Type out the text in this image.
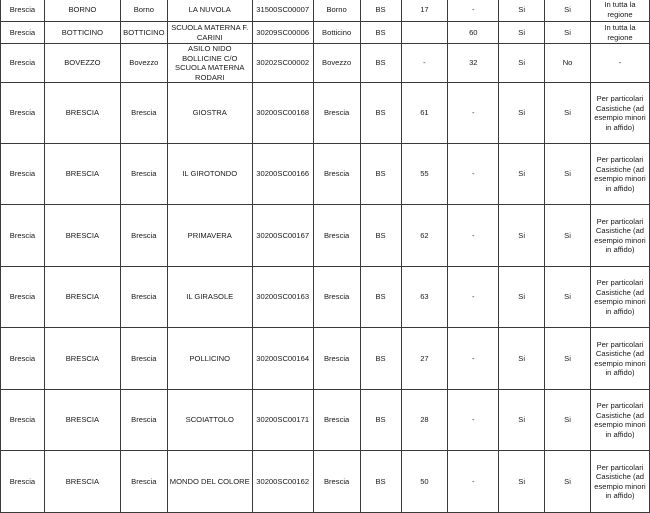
Brescia	BORNO	Borno	LA NUVOLA	31500SC00007	Borno	BS	17	-	Si	Si	In tutta la regione
Brescia	BOTTICINO	BOTTICINO	SCUOLA MATERNA F. CARINI	30209SC00006	Botticino	BS		60	Si	Si	In tutta la regione
Brescia	BOVEZZO	Bovezzo	ASILO NIDO BOLLICINE C/O SCUOLA MATERNA RODARI	30202SC00002	Bovezzo	BS	-	32	Si	No	-
Brescia	BRESCIA	Brescia	GIOSTRA	30200SC00168	Brescia	BS	61	-	Si	Si	Per particolari Casistiche (ad esempio minori in affido)
Brescia	BRESCIA	Brescia	IL GIROTONDO	30200SC00166	Brescia	BS	55	-	Si	Si	Per particolari Casistiche (ad esempio minori in affido)
Brescia	BRESCIA	Brescia	PRIMAVERA	30200SC00167	Brescia	BS	62	-	Si	Si	Per particolari Casistiche (ad esempio minori in affido)
Brescia	BRESCIA	Brescia	IL GIRASOLE	30200SC00163	Brescia	BS	63	-	Si	Si	Per particolari Casistiche (ad esempio minori in affido)
Brescia	BRESCIA	Brescia	POLLICINO	30200SC00164	Brescia	BS	27	-	Si	Si	Per particolari Casistiche (ad esempio minori in affido)
Brescia	BRESCIA	Brescia	SCOIATTOLO	30200SC00171	Brescia	BS	28	-	Si	Si	Per particolari Casistiche (ad esempio minori in affido)
Brescia	BRESCIA	Brescia	MONDO DEL COLORE	30200SC00162	Brescia	BS	50	-	Si	Si	Per particolari Casistiche (ad esempio minori in affido)
